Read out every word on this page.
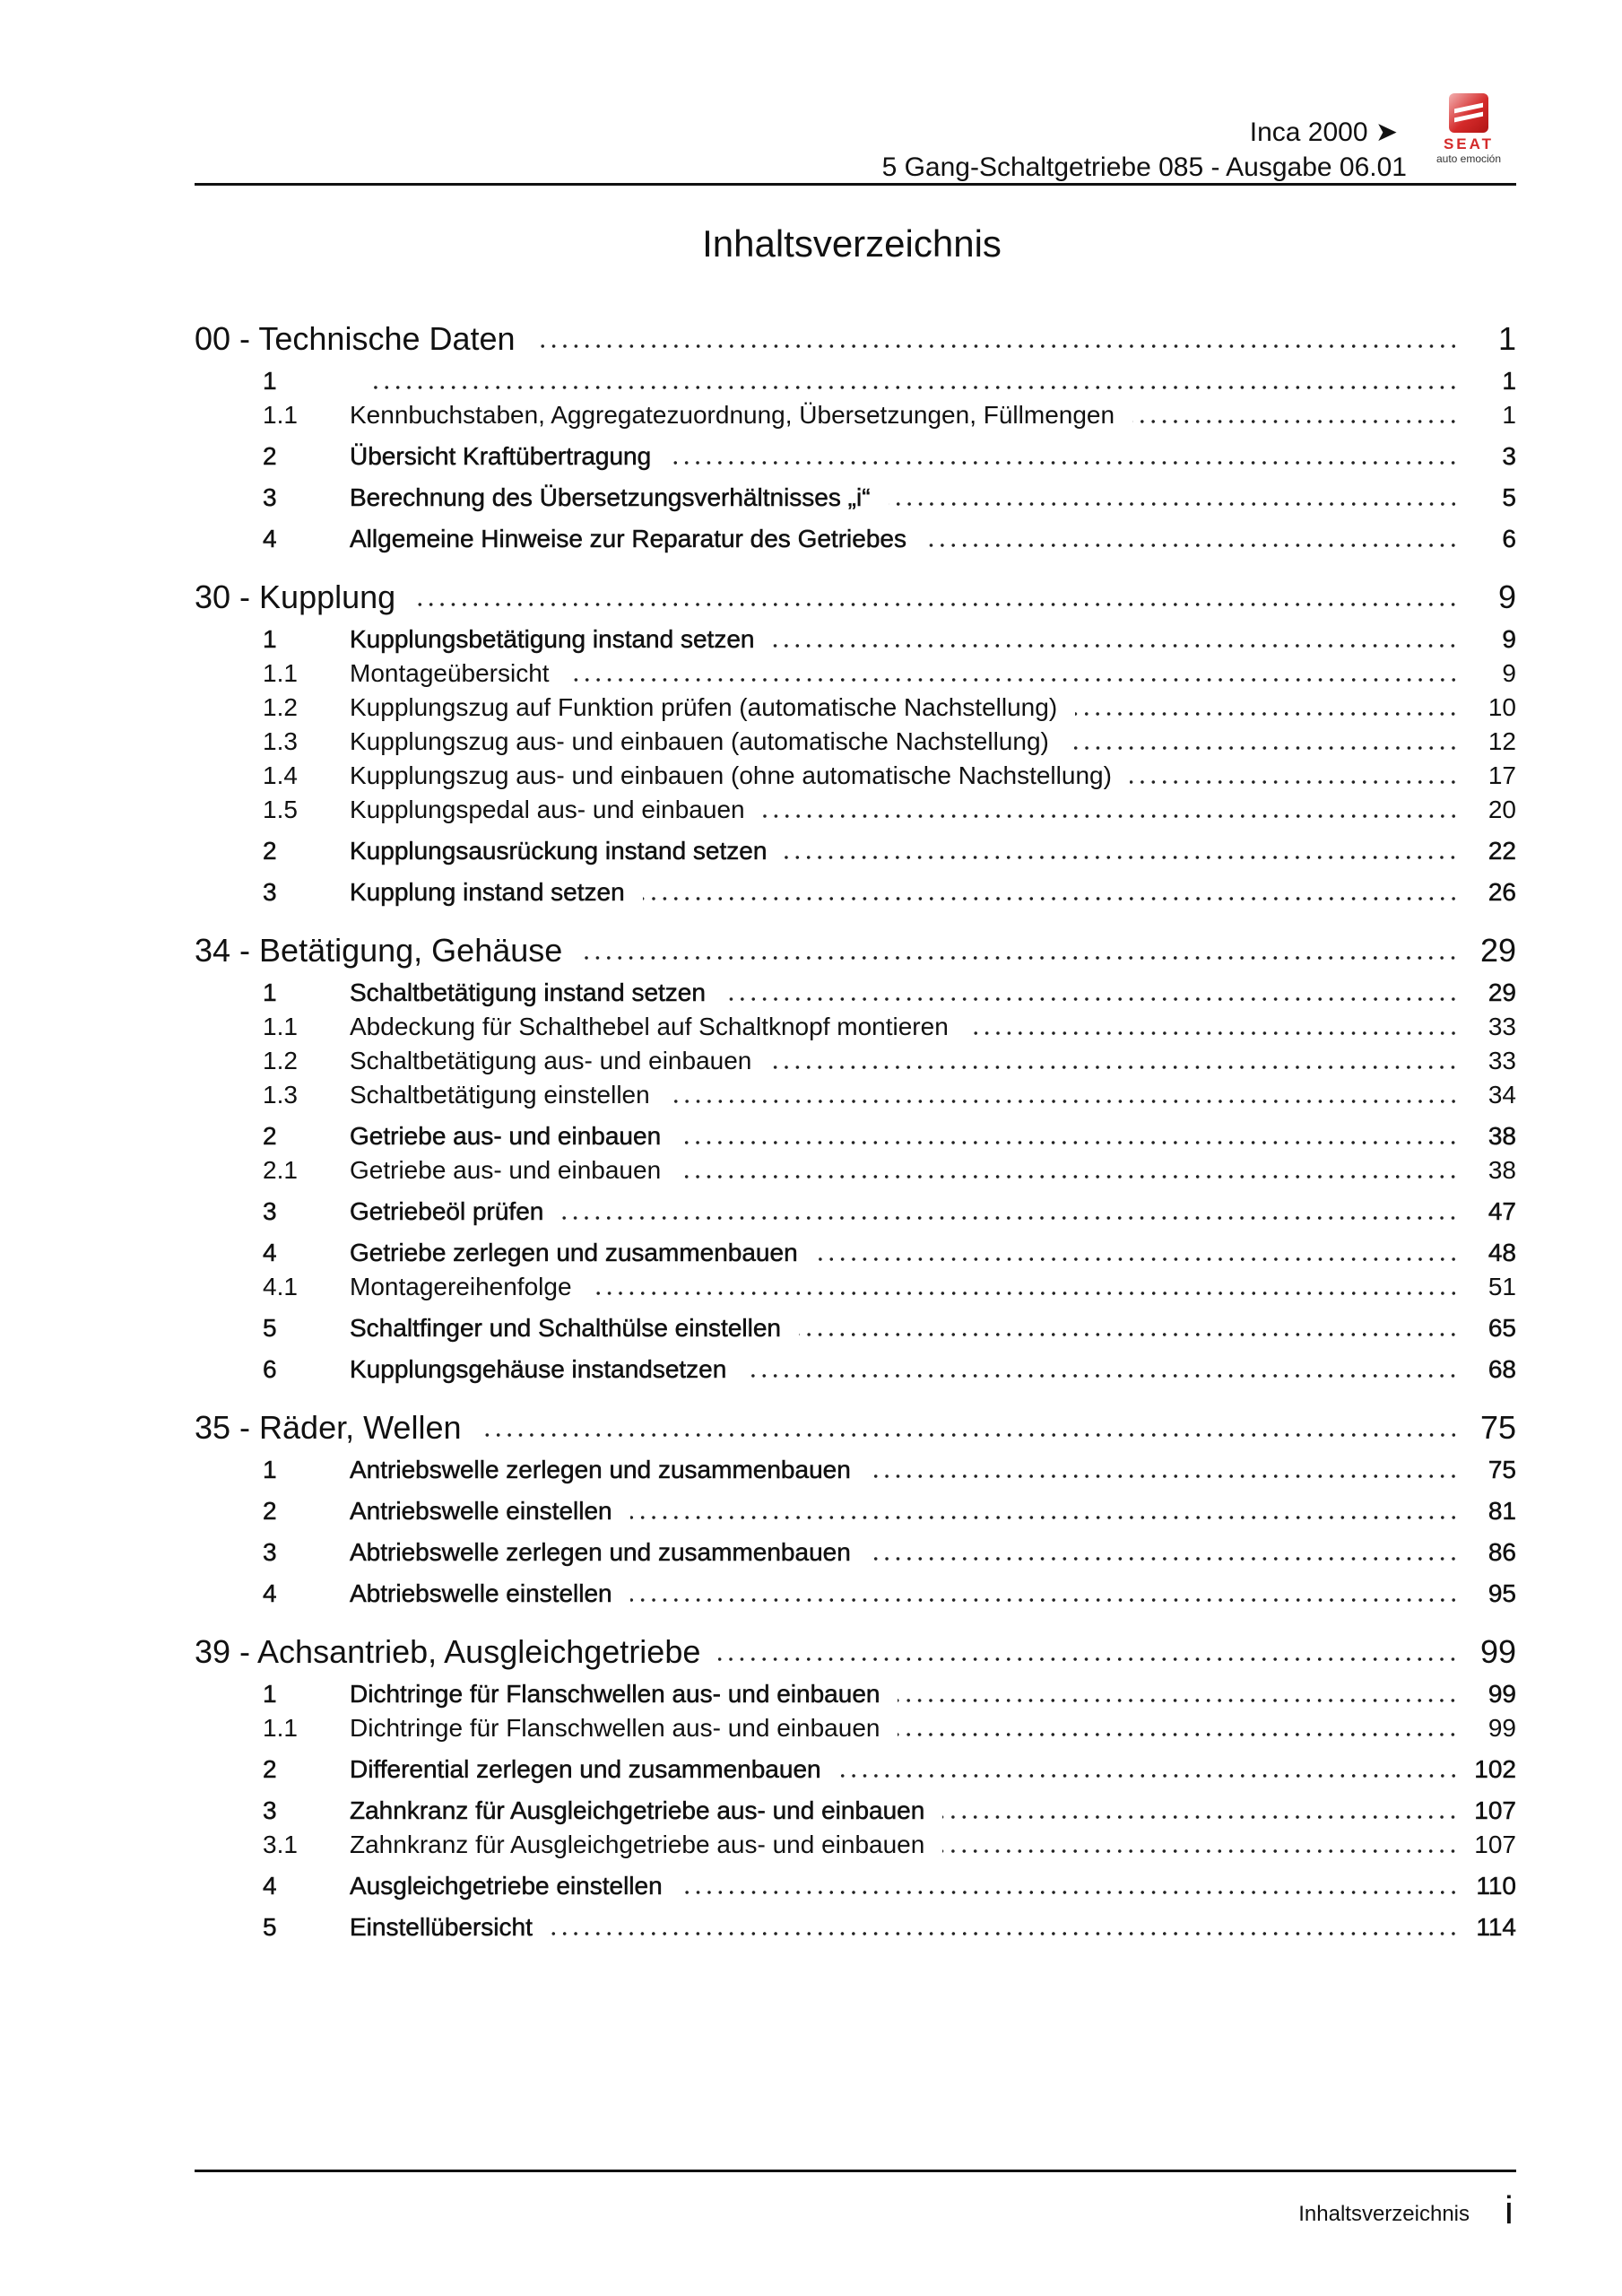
Inca 2000 ➤
5 Gang-Schaltgetriebe 085 - Ausgabe 06.01
SEAT
auto emoción
Inhaltsverzeichnis
00 - Technische Daten	1
1	1
1.1	Kennbuchstaben, Aggregatezuordnung, Übersetzungen, Füllmengen	1
2	Übersicht Kraftübertragung	3
3	Berechnung des Übersetzungsverhältnisses „i“	5
4	Allgemeine Hinweise zur Reparatur des Getriebes	6
30 - Kupplung	9
1	Kupplungsbetätigung instand setzen	9
1.1	Montageübersicht	9
1.2	Kupplungszug auf Funktion prüfen (automatische Nachstellung)	10
1.3	Kupplungszug aus- und einbauen (automatische Nachstellung)	12
1.4	Kupplungszug aus- und einbauen (ohne automatische Nachstellung)	17
1.5	Kupplungspedal aus- und einbauen	20
2	Kupplungsausrückung instand setzen	22
3	Kupplung instand setzen	26
34 - Betätigung, Gehäuse	29
1	Schaltbetätigung instand setzen	29
1.1	Abdeckung für Schalthebel auf Schaltknopf montieren	33
1.2	Schaltbetätigung aus- und einbauen	33
1.3	Schaltbetätigung einstellen	34
2	Getriebe aus- und einbauen	38
2.1	Getriebe aus- und einbauen	38
3	Getriebeöl prüfen	47
4	Getriebe zerlegen und zusammenbauen	48
4.1	Montagereihenfolge	51
5	Schaltfinger und Schalthülse einstellen	65
6	Kupplungsgehäuse instandsetzen	68
35 - Räder, Wellen	75
1	Antriebswelle zerlegen und zusammenbauen	75
2	Antriebswelle einstellen	81
3	Abtriebswelle zerlegen und zusammenbauen	86
4	Abtriebswelle einstellen	95
39 - Achsantrieb, Ausgleichgetriebe	99
1	Dichtringe für Flanschwellen aus- und einbauen	99
1.1	Dichtringe für Flanschwellen aus- und einbauen	99
2	Differential zerlegen und zusammenbauen	102
3	Zahnkranz für Ausgleichgetriebe aus- und einbauen	107
3.1	Zahnkranz für Ausgleichgetriebe aus- und einbauen	107
4	Ausgleichgetriebe einstellen	110
5	Einstellübersicht	114
Inhaltsverzeichnis i
